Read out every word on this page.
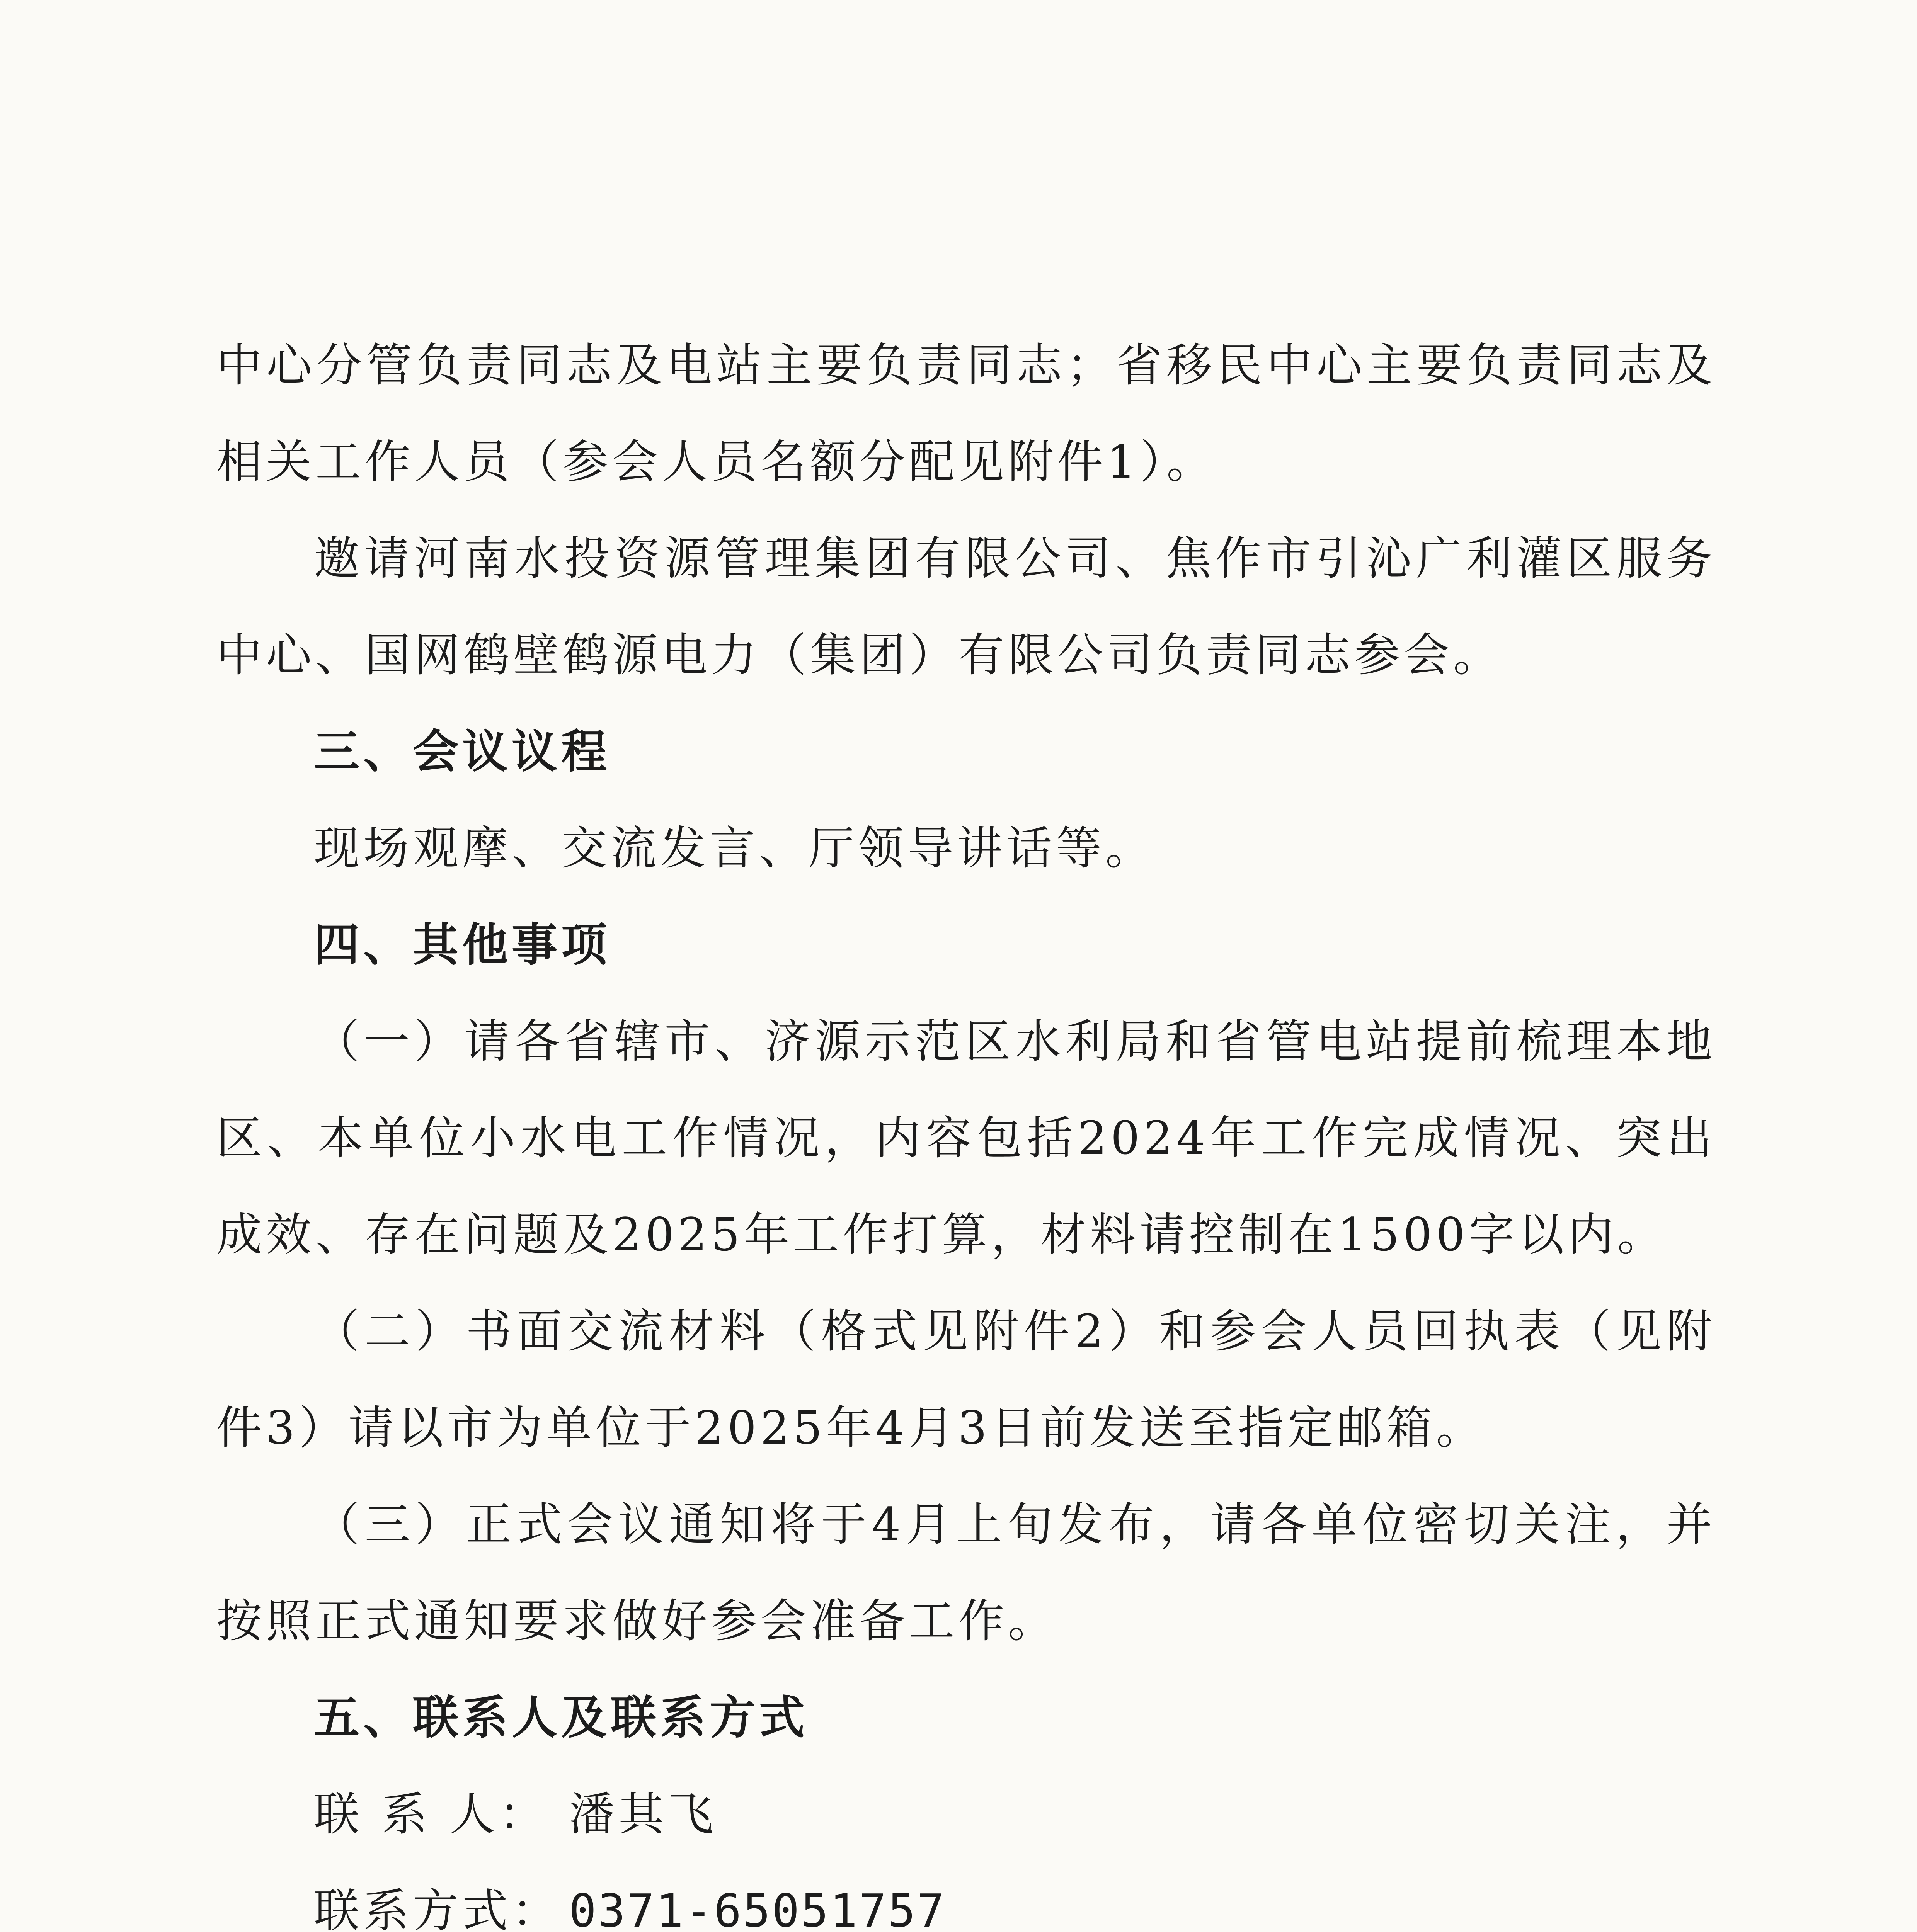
中心分管负责同志及电站主要负责同志；省移民中心主要负责同志及相关工作人员（参会人员名额分配见附件1）。

邀请河南水投资源管理集团有限公司、焦作市引沁广利灌区服务中心、国网鹤壁鹤源电力（集团）有限公司负责同志参会。

三、会议议程

现场观摩、交流发言、厅领导讲话等。

四、其他事项

（一）请各省辖市、济源示范区水利局和省管电站提前梳理本地区、本单位小水电工作情况，内容包括2024年工作完成情况、突出成效、存在问题及2025年工作打算，材料请控制在1500字以内。

（二）书面交流材料（格式见附件2）和参会人员回执表（见附件3）请以市为单位于2025年4月3日前发送至指定邮箱。

（三）正式会议通知将于4月上旬发布，请各单位密切关注，并按照正式通知要求做好参会准备工作。

五、联系人及联系方式

联 系 人： 潘其飞

联系方式： 0371-65051757
